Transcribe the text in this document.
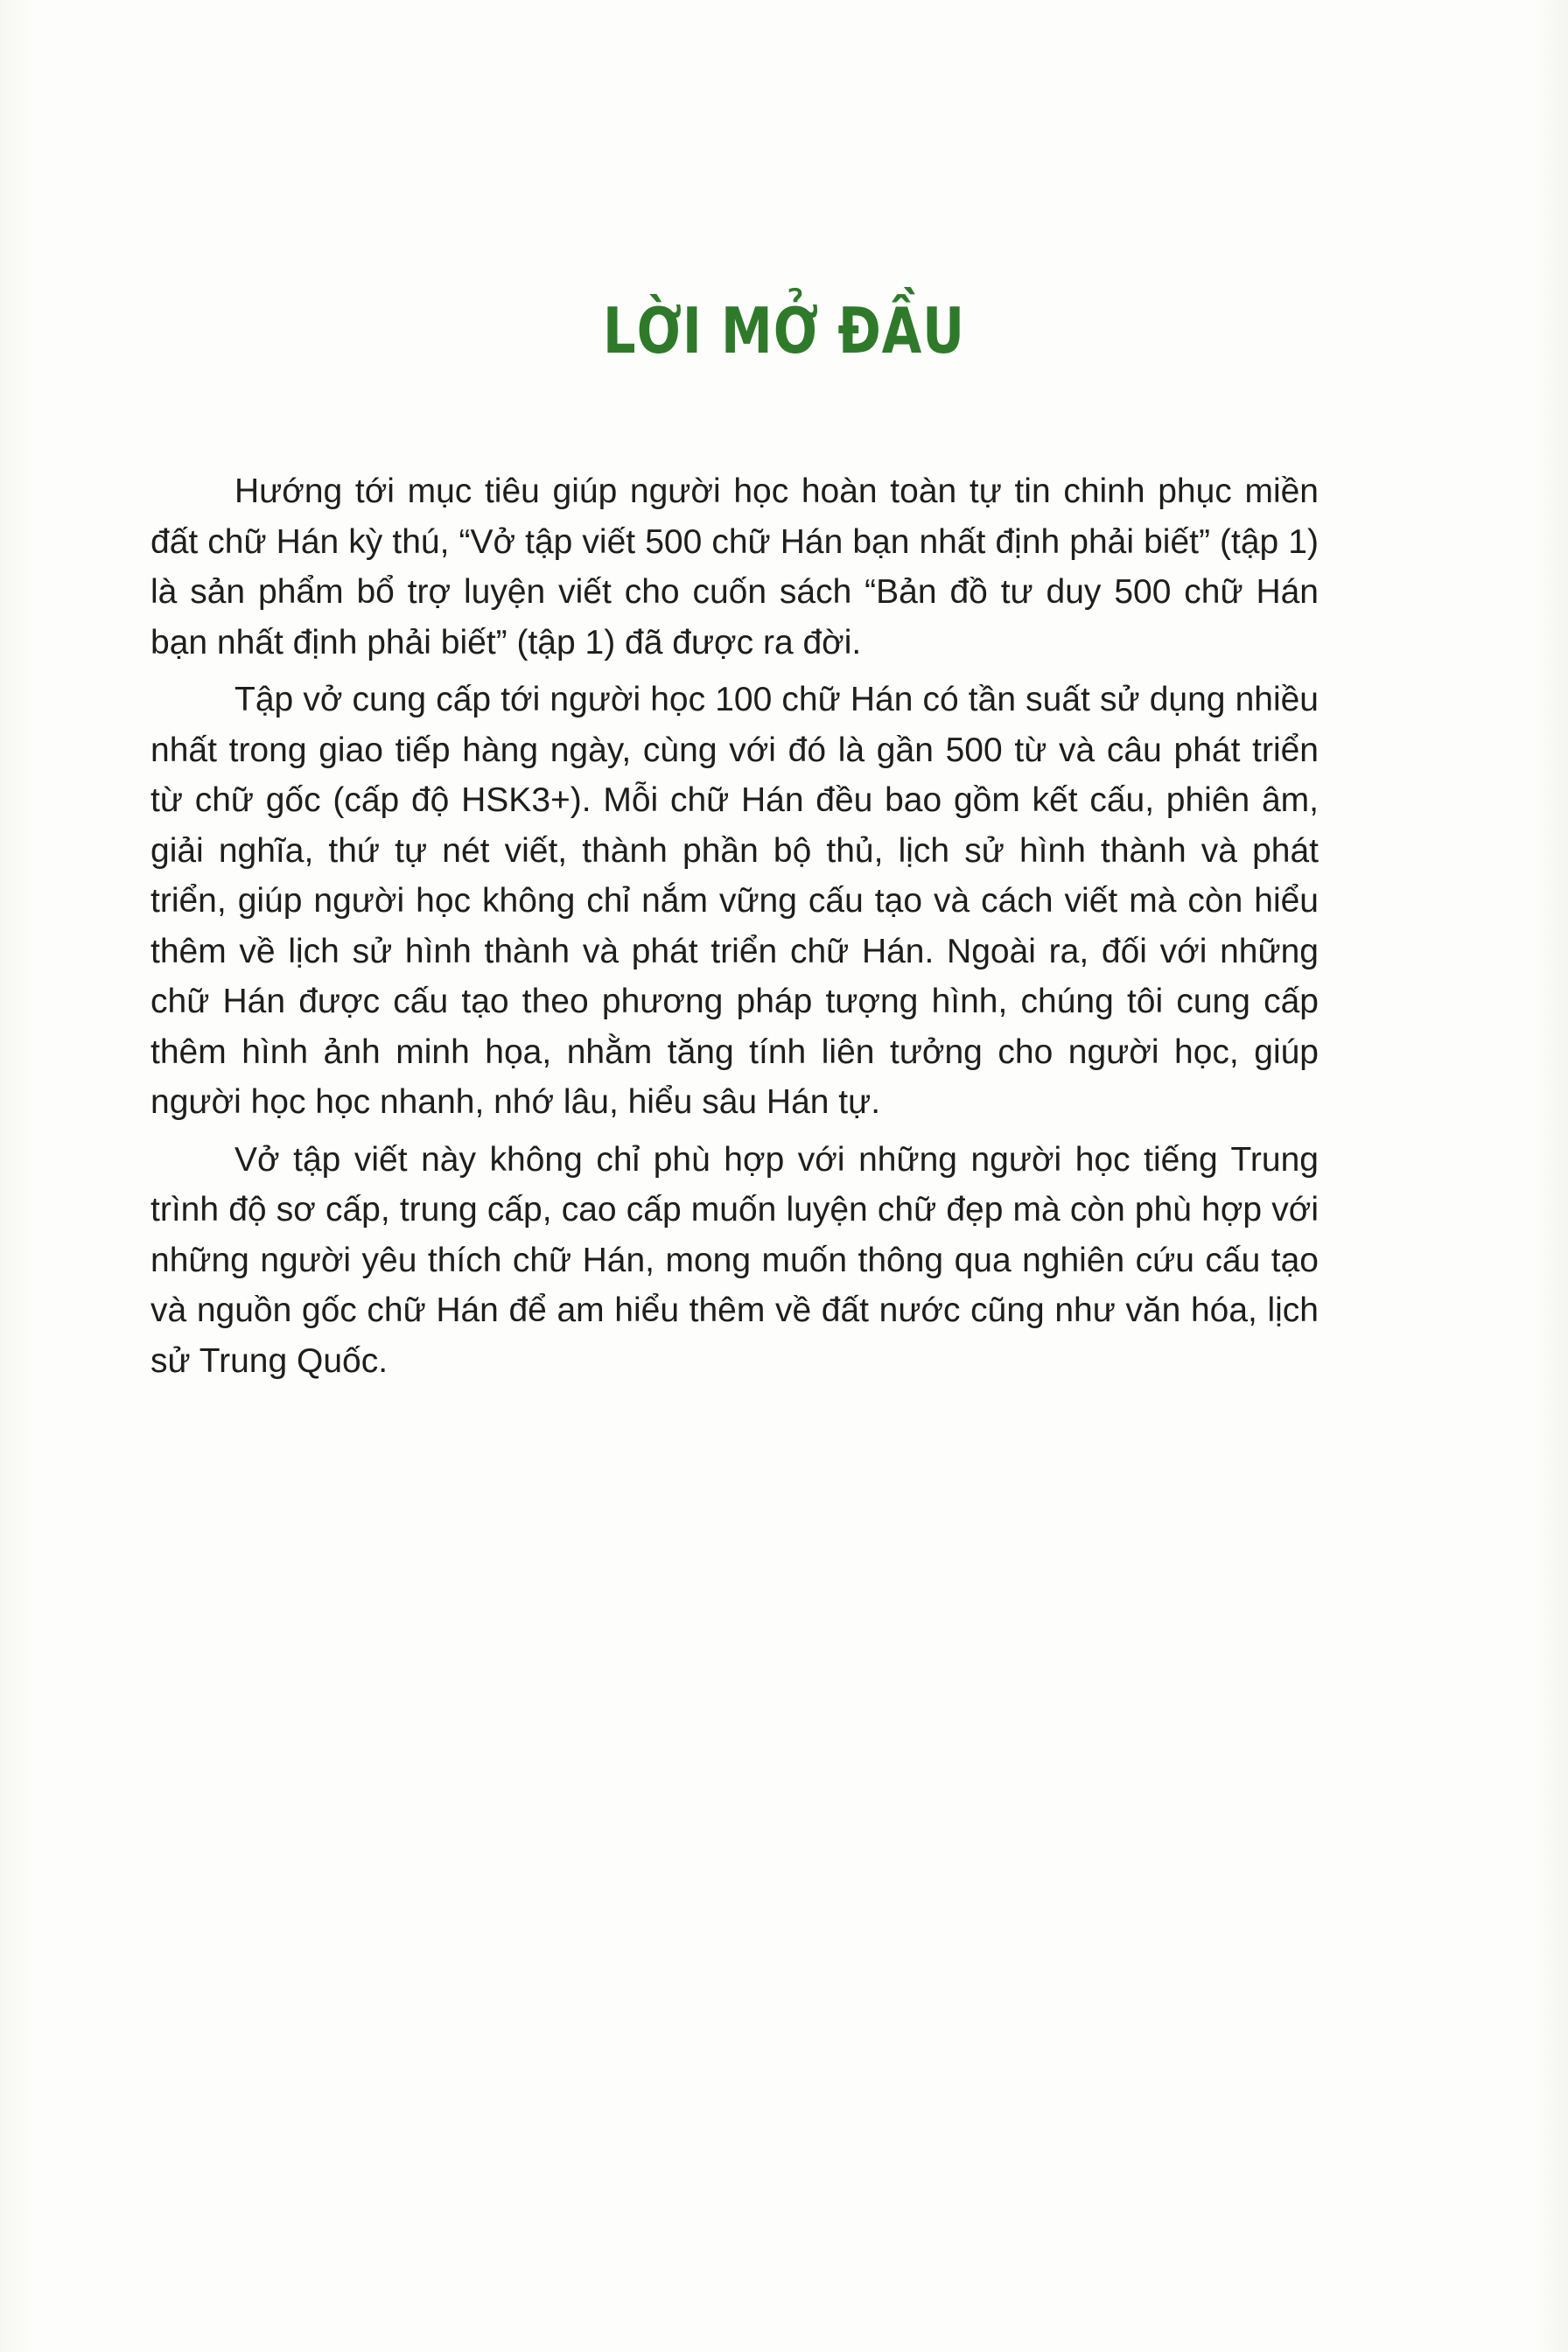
LỜI MỞ ĐẦU

Hướng tới mục tiêu giúp người học hoàn toàn tự tin chinh phục miền đất chữ Hán kỳ thú, “Vở tập viết 500 chữ Hán bạn nhất định phải biết” (tập 1) là sản phẩm bổ trợ luyện viết cho cuốn sách “Bản đồ tư duy 500 chữ Hán bạn nhất định phải biết” (tập 1) đã được ra đời.

Tập vở cung cấp tới người học 100 chữ Hán có tần suất sử dụng nhiều nhất trong giao tiếp hàng ngày, cùng với đó là gần 500 từ và câu phát triển từ chữ gốc (cấp độ HSK3+). Mỗi chữ Hán đều bao gồm kết cấu, phiên âm, giải nghĩa, thứ tự nét viết, thành phần bộ thủ, lịch sử hình thành và phát triển, giúp người học không chỉ nắm vững cấu tạo và cách viết mà còn hiểu thêm về lịch sử hình thành và phát triển chữ Hán. Ngoài ra, đối với những chữ Hán được cấu tạo theo phương pháp tượng hình, chúng tôi cung cấp thêm hình ảnh minh họa, nhằm tăng tính liên tưởng cho người học, giúp người học học nhanh, nhớ lâu, hiểu sâu Hán tự.

Vở tập viết này không chỉ phù hợp với những người học tiếng Trung trình độ sơ cấp, trung cấp, cao cấp muốn luyện chữ đẹp mà còn phù hợp với những người yêu thích chữ Hán, mong muốn thông qua nghiên cứu cấu tạo và nguồn gốc chữ Hán để am hiểu thêm về đất nước cũng như văn hóa, lịch sử Trung Quốc.
